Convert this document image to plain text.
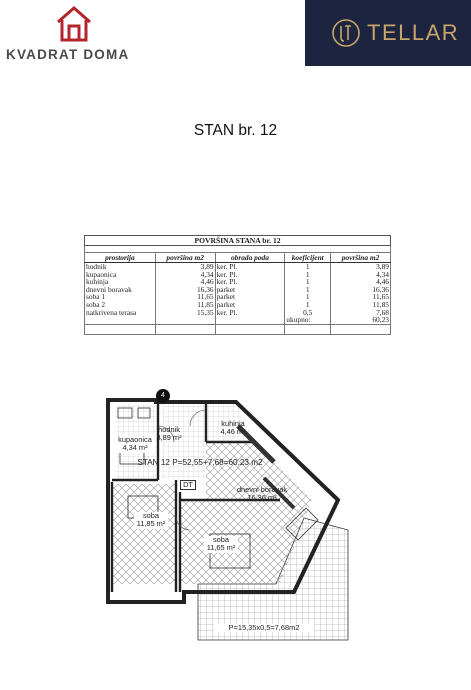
KVADRAT DOMA
TELLAR
STAN br. 12
POVRŠINA STANA br. 12				

prostorija	površina m2	obrada poda	koeficijent	površina m2
hodnik	3,89	ker. Pl.	1	3,89
kupaonica	4,34	ker. Pl.	1	4,34
kuhinja	4,46	ker. Pl.	1	4,46
dnevni boravak	16,36	parket	1	16,36
soba 1	11,65	parket	1	11,65
soba 2	11,85	parket	1	11,85
natkrivena terasa	15,35	ker. Pl.	0,5	7,68
			ukupno:	60,23

4
hodnik
3,89 m²
kuhinja
4,46 m²
kupaonica
4,34 m²
STAN 12 P=52,55+7,68=60,23 m2
DT
dnevni boravak
16,36 m²
soba
11,85 m²
soba
11,65 m²
P=15,35x0,5=7,68m2
